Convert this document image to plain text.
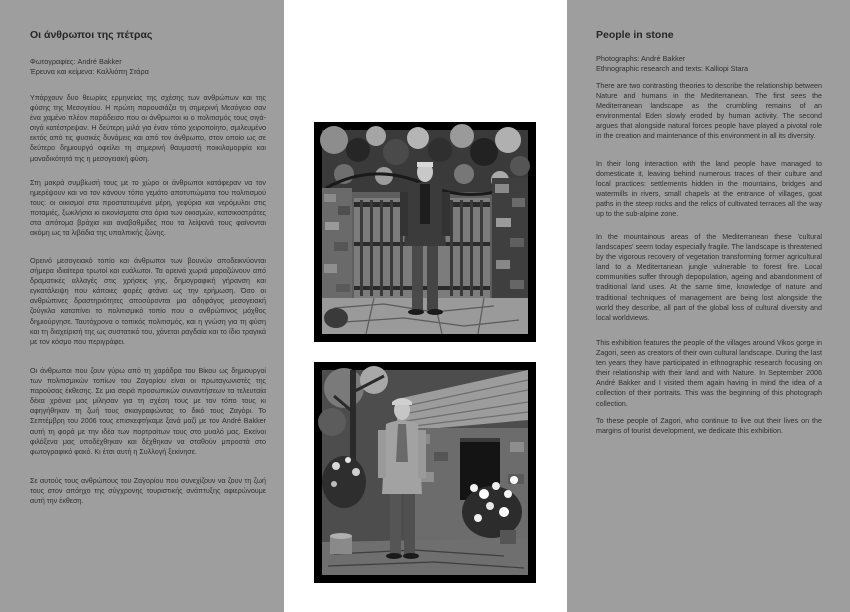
Οι άνθρωποι της πέτρας
Φωτογραφίες: André Bakker
Έρευνα και κείμενα: Καλλιόπη Στάρα
Υπάρχουν δυο θεωρίες ερμηνείας της σχέσης των ανθρώπων και της φύσης της Μεσογείου. Η πρώτη παρουσιάζει τη σημερινή Μεσόγειο σαν ένα χαμένο πλέον παράδεισο που οι άνθρωποι κι ο πολιτισμός τους σιγά-σιγά κατέστρεψαν. Η δεύτερη μιλά για έναν τόπο χειροποίητο, σμιλευμένο εκτός από τις φυσικές δυνάμεις και από τον άνθρωπο, στον οποίο ως σε δεύτερο δημιουργό οφείλει τη σημερινή θαυμαστή ποικιλομορφία και μοναδικότητά της η μεσογειακή φύση.
Στη μακρά συμβίωσή τους με το χώρο οι άνθρωποι κατάφεραν να τον ημερέψουν και να τον κάνουν τόπο γεμάτο αποτυπώματα του πολιτισμού τους: οι οικισμοί στα προστατευμένα μέρη, γεφύρια και νερόμυλοι στις ποταμιές, ξωκλήσια κι εικονίσματα στα όρια των οικισμών, κατσικοστράτες στα απότομα βράχια και αναβαθμίδες που τα λείψανά τους φαίνονται ακόμη ως τα λιβάδια της υπαλπικής ζώνης.
Ορεινό μεσογειακό τοπίο και άνθρωποι των βουνών αποδεικνύονται σήμερα ιδιαίτερα τρωτοί και ευάλωτοι. Τα ορεινά χωριά μαραζώνουν από δραματικές αλλαγές στις χρήσεις γης, δημογραφική γήρανση και εγκατάλειψη που κάποιες φορές φτάνει ως την ερήμωση. Όσο οι ανθρώπινες δραστηριότητες αποσύρονται μια αδηφάγος μεσογειακή ζούγκλα καταπίνει το πολιτισμικό τοπίο που ο ανθρώπινος μόχθος δημιούργησε. Ταυτόχρονα ο τοπικός πολιτισμός, και η γνώση για τη φύση και τη διαχείρισή της ως συστατικό του, χάνεται ραγδαία και το ίδιο τραγικά με τον κόσμο που περιγράφει.
Οι άνθρωποι που ζουν γύρω από τη χαράδρα του Βίκου ως δημιουργοί των πολιτισμικών τοπίων του Ζαγορίου είναι οι πρωταγωνιστές της παρούσας έκθεσης. Σε μια σειρά προσωπικών συναντήσεων τα τελευταία δέκα χρόνια μας μίλησαν για τη σχέση τους με τον τόπο τους κι αφηγήθηκαν τη ζωή τους σκιαγραφώντας το δικό τους Ζαγόρι. Το Σεπτέμβρη του 2006 τους επισκεφτήκαμε ξανά μαζί με τον André Bakker αυτή τη φορά με την ιδέα των πορτραίτων τους στο μυαλό μας. Εκείνοι φιλόξενα μας υποδέχθηκαν και δέχθηκαν να σταθούν μπροστά στο φωτογραφικό φακό. Κι έτσι αυτή η Συλλογή ξεκίνησε.
Σε αυτούς τους ανθρώπους του Ζαγορίου που συνεχίζουν να ζουν τη ζωή τους στον απόηχο της σύγχρονης τουριστικής ανάπτυξης αφιερώνουμε αυτή την έκθεση.
People in stone
Photographs: André Bakker
Ethnographic research and texts: Kalliopi Stara
There are two contrasting theories to describe the relationship between Nature and humans in the Mediterranean. The first sees the Mediterranean landscape as the crumbling remains of an environmental Eden slowly eroded by human activity. The second argues that alongside natural forces people have played a pivotal role in the creation and maintenance of this environment in all its diversity.
In their long interaction with the land people have managed to domesticate it, leaving behind numerous traces of their culture and local practices: settlements hidden in the mountains, bridges and watermills in rivers, small chapels at the entrance of villages, goat paths in the steep rocks and the relics of cultivated terraces all the way up to the sub-alpine zone.
In the mountainous areas of the Mediterranean these 'cultural landscapes' seem today especially fragile. The landscape is threatened by the vigorous recovery of vegetation transforming former agricultural land to a Mediterranean jungle vulnerable to forest fire. Local communities suffer through depopulation, ageing and abandonment of traditional land uses. At the same time, knowledge of nature and traditional techniques of management are being lost alongside the world they describe, all part of the global loss of cultural diversity and local worldviews.
This exhibition features the people of the villages around Vikos gorge in Zagori, seen as creators of their own cultural landscape. During the last ten years they have participated in ethnographic research focusing on their relationship with their land and with Nature. In September 2006 André Bakker and I visited them again having in mind the idea of a collection of their portraits. This was the beginning of this photograph collection.
To these people of Zagori, who continue to live out their lives on the margins of tourist development, we dedicate this exhibition.
